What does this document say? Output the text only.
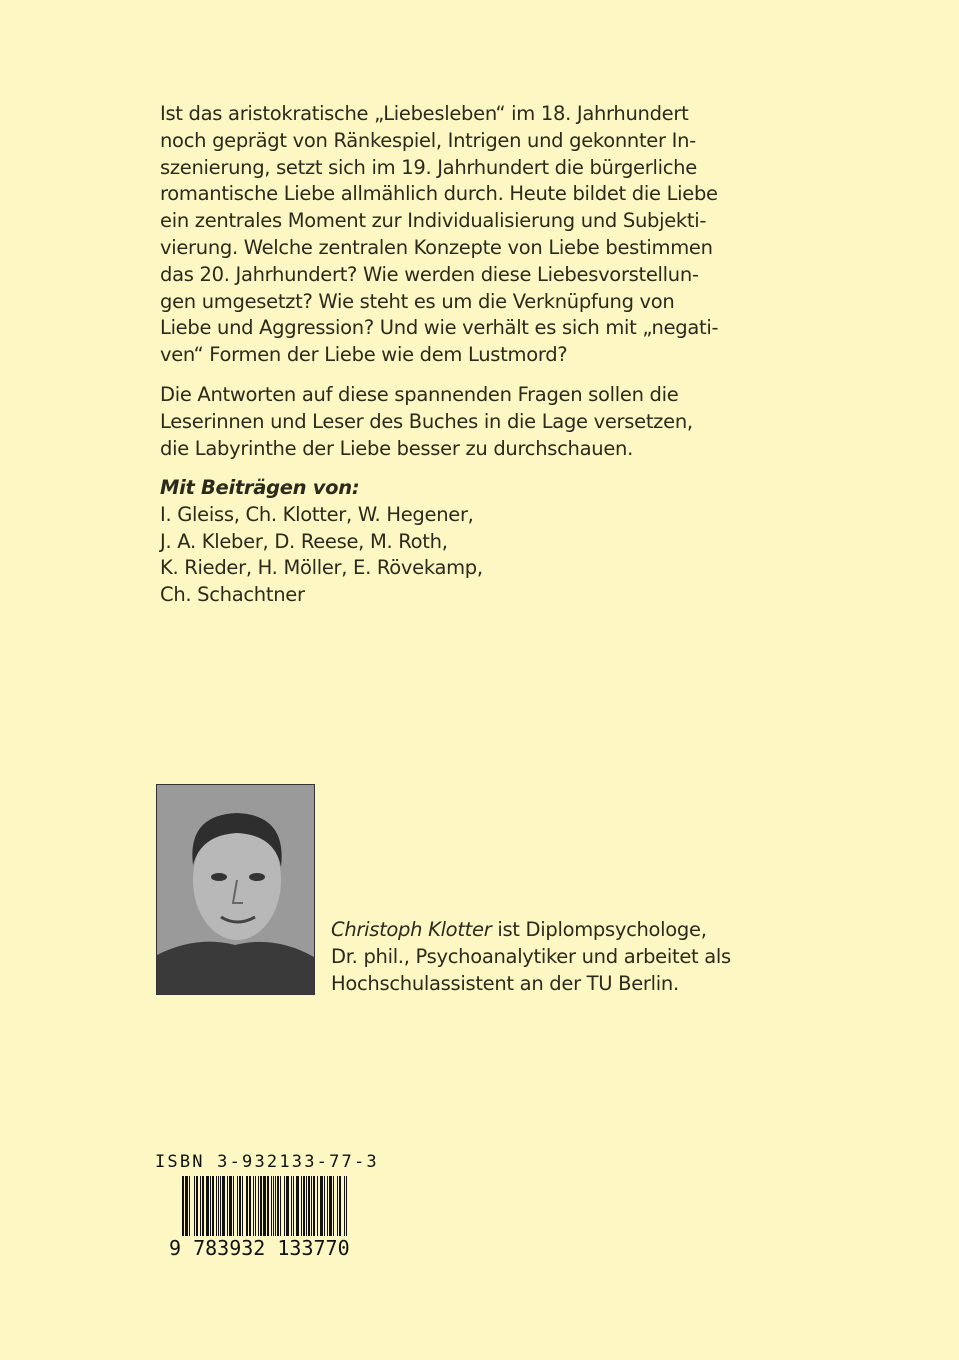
Ist das aristokratische „Liebesleben“ im 18. Jahrhundert
noch geprägt von Ränkespiel, Intrigen und gekonnter In-
szenierung, setzt sich im 19. Jahrhundert die bürgerliche
romantische Liebe allmählich durch. Heute bildet die Liebe
ein zentrales Moment zur Individualisierung und Subjekti-
vierung. Welche zentralen Konzepte von Liebe bestimmen
das 20. Jahrhundert? Wie werden diese Liebesvorstellun-
gen umgesetzt? Wie steht es um die Verknüpfung von
Liebe und Aggression? Und wie verhält es sich mit „negati-
ven“ Formen der Liebe wie dem Lustmord?
Die Antworten auf diese spannenden Fragen sollen die
Leserinnen und Leser des Buches in die Lage versetzen,
die Labyrinthe der Liebe besser zu durchschauen.
Mit Beiträgen von:
I. Gleiss, Ch. Klotter, W. Hegener,
J. A. Kleber, D. Reese, M. Roth,
K. Rieder, H. Möller, E. Rövekamp,
Ch. Schachtner
Christoph Klotter ist Diplompsychologe,
Dr. phil., Psychoanalytiker und arbeitet als
Hochschulassistent an der TU Berlin.
ISBN 3-932133-77-3
9 783932 133770
